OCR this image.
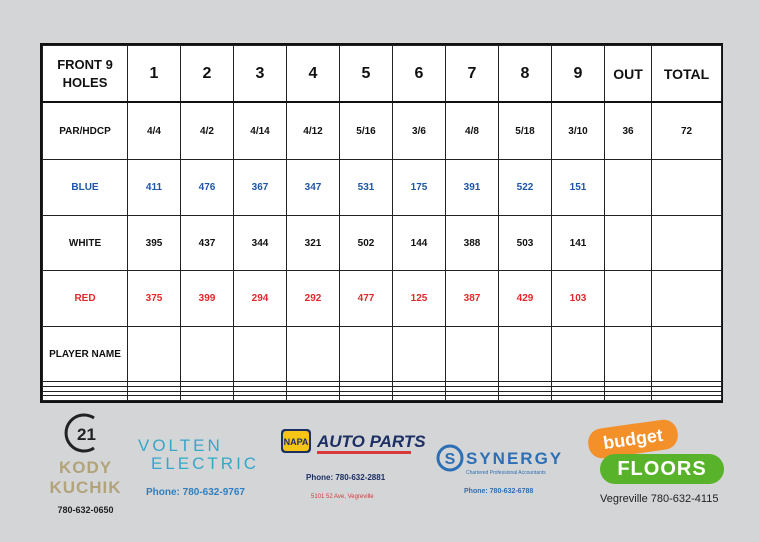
FRONT 9
HOLES	1	2	3	4	5	6	7	8	9	OUT	TOTAL
PAR/HDCP	4/4	4/2	4/14	4/12	5/16	3/6	4/8	5/18	3/10	36	72
BLUE	411	476	367	347	531	175	391	522	151		
WHITE	395	437	344	321	502	144	388	503	141		
RED	375	399	294	292	477	125	387	429	103		
PLAYER NAME											

21
KODY
KUCHIK
780-632-0650
VOLTEN
ELECTRIC
Phone: 780-632-9767
NAPA AUTO PARTS
Phone: 780-632-2881
5101 52 Ave, Vegreville
S SYNERGY
Chartered Professional Accountants
Phone: 780-632-6788
budget
FLOORS
Vegreville 780-632-4115
